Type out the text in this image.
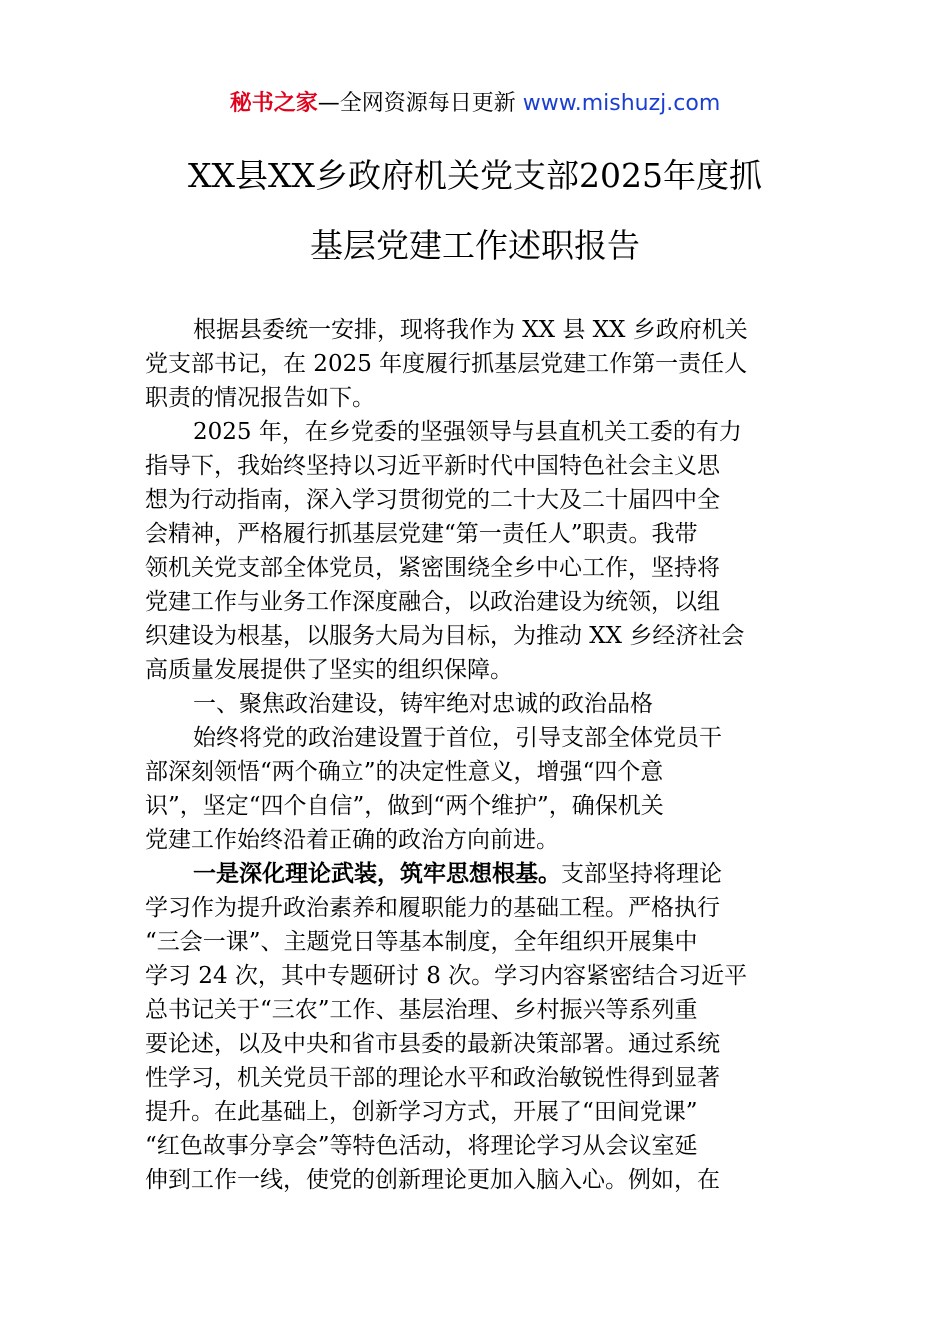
秘书之家—全网资源每日更新 www.mishuzj.com
XX县XX乡政府机关党支部2025年度抓
基层党建工作述职报告
根据县委统一安排，现将我作为 XX 县 XX 乡政府机关
党支部书记，在 2025 年度履行抓基层党建工作第一责任人
职责的情况报告如下。
2025 年，在乡党委的坚强领导与县直机关工委的有力
指导下，我始终坚持以习近平新时代中国特色社会主义思
想为行动指南，深入学习贯彻党的二十大及二十届四中全
会精神，严格履行抓基层党建“第一责任人”职责。我带
领机关党支部全体党员，紧密围绕全乡中心工作，坚持将
党建工作与业务工作深度融合，以政治建设为统领，以组
织建设为根基，以服务大局为目标，为推动 XX 乡经济社会
高质量发展提供了坚实的组织保障。
一、聚焦政治建设，铸牢绝对忠诚的政治品格
始终将党的政治建设置于首位，引导支部全体党员干
部深刻领悟“两个确立”的决定性意义，增强“四个意
识”，坚定“四个自信”，做到“两个维护”，确保机关
党建工作始终沿着正确的政治方向前进。
一是深化理论武装，筑牢思想根基。支部坚持将理论
学习作为提升政治素养和履职能力的基础工程。严格执行
“三会一课”、主题党日等基本制度，全年组织开展集中
学习 24 次，其中专题研讨 8 次。学习内容紧密结合习近平
总书记关于“三农”工作、基层治理、乡村振兴等系列重
要论述，以及中央和省市县委的最新决策部署。通过系统
性学习，机关党员干部的理论水平和政治敏锐性得到显著
提升。在此基础上，创新学习方式，开展了“田间党课”
“红色故事分享会”等特色活动，将理论学习从会议室延
伸到工作一线，使党的创新理论更加入脑入心。例如，在
